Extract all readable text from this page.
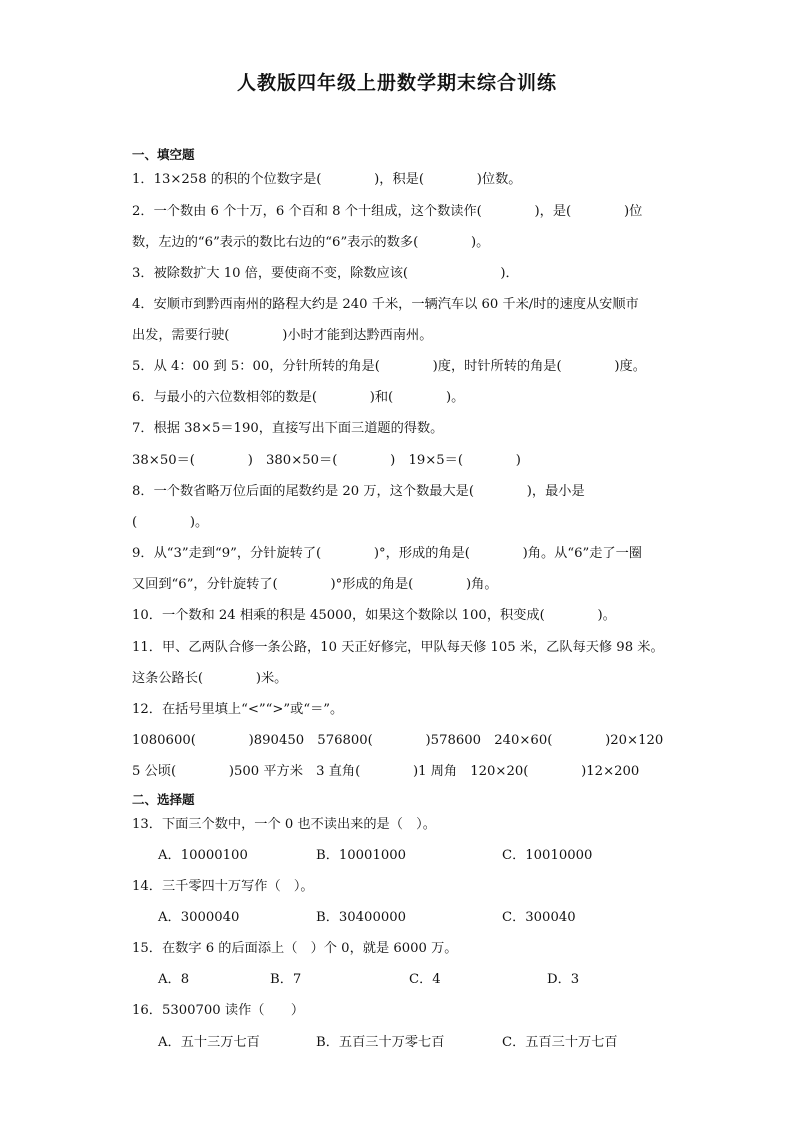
人教版四年级上册数学期末综合训练
一、填空题
1．13×258 的积的个位数字是(　　　　)，积是(　　　　)位数。
2．一个数由 6 个十万，6 个百和 8 个十组成，这个数读作(　　　　)，是(　　　　)位
数，左边的“6”表示的数比右边的“6”表示的数多(　　　　)。
3．被除数扩大 10 倍，要使商不变，除数应该(　　　　　　　)．
4．安顺市到黔西南州的路程大约是 240 千米，一辆汽车以 60 千米/时的速度从安顺市
出发，需要行驶(　　　　)小时才能到达黔西南州。
5．从 4：00 到 5：00，分针所转的角是(　　　　)度，时针所转的角是(　　　　)度。
6．与最小的六位数相邻的数是(　　　　)和(　　　　)。
7．根据 38×5＝190，直接写出下面三道题的得数。
38×50＝(　　　　)　380×50＝(　　　　)　19×5＝(　　　　)
8．一个数省略万位后面的尾数约是 20 万，这个数最大是(　　　　)，最小是
(　　　　)。
9．从“3”走到“9”，分针旋转了(　　　　)°，形成的角是(　　　　)角。从“6”走了一圈
又回到“6”，分针旋转了(　　　　)°形成的角是(　　　　)角。
10．一个数和 24 相乘的积是 45000，如果这个数除以 100，积变成(　　　　)。
11．甲、乙两队合修一条公路，10 天正好修完，甲队每天修 105 米，乙队每天修 98 米。
这条公路长(　　　　)米。
12．在括号里填上“<”“>”或“＝”。
1080600(　　　　)890450　576800(　　　　)578600　240×60(　　　　)20×120
5 公顷(　　　　)500 平方米　3 直角(　　　　)1 周角　120×20(　　　　)12×200
二、选择题
13．下面三个数中，一个 0 也不读出来的是（　）。
A．10000100	B．10001000	C．10010000
14．三千零四十万写作（　）。
A．3000040	B．30400000	C．300040
15．在数字 6 的后面添上（　）个 0，就是 6000 万。
A．8	B．7	C．4	D．3
16．5300700 读作（　　）
A．五十三万七百	B．五百三十万零七百	C．五百三十万七百
